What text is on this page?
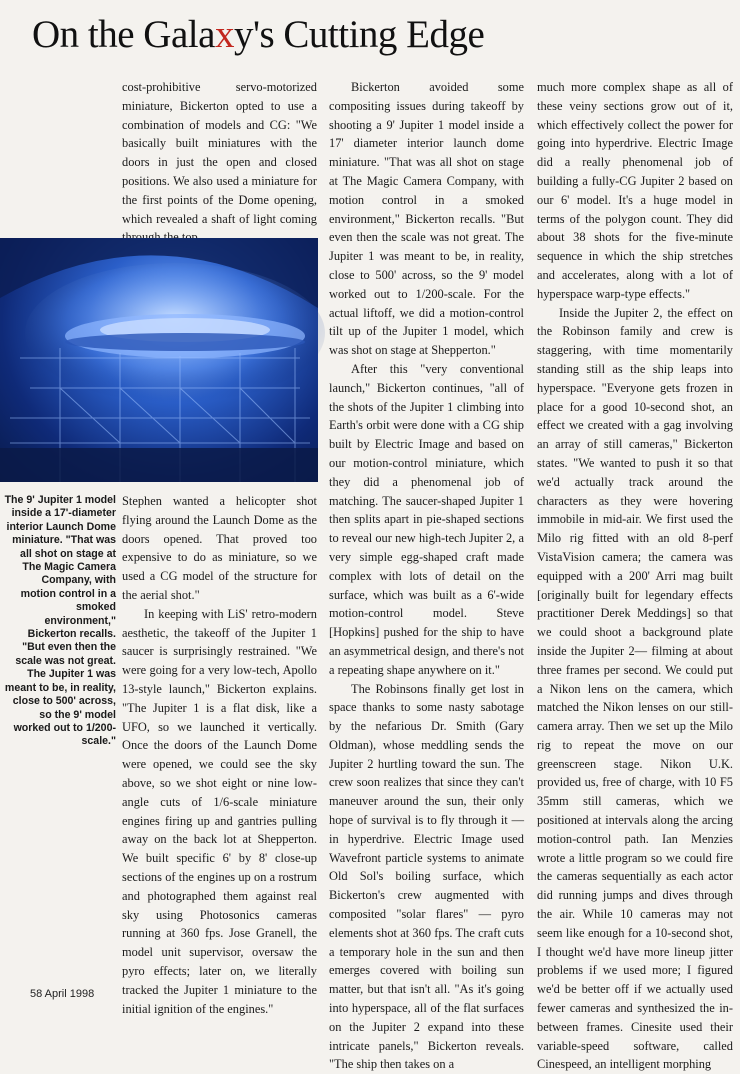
On the Galaxy's Cutting Edge

cost-prohibitive servo-motorized miniature, Bickerton opted to use a combination of models and CG: "We basically built miniatures with the doors in just the open and closed positions. We also used a miniature for the first points of the Dome opening, which revealed a shaft of light coming

The 9' Jupiter 1 model inside a 17'-diameter interior Launch Dome miniature. "That was all shot on stage at The Magic Camera Company, with motion control in a smoked environment," Bickerton recalls. "But even then the scale was not great. The Jupiter 1 was meant to be, in reality, close to 500' across, so the 9' model worked out to 1/200-scale."

Stephen wanted a helicopter shot flying around the Launch Dome as the doors opened. That proved too expensive to do as miniature, so we used a CG model of the structure for the aerial shot."

In keeping with LiS' retro-modern aesthetic, the takeoff of the Jupiter 1 saucer is surprisingly restrained. "We were going for a very low-tech, Apollo 13-style launch," Bickerton explains. "The Jupiter 1 is a flat disk, like a UFO, so we launched it vertically. Once the doors of the Launch Dome were opened, we could see the sky above, so we shot eight or nine low-angle cuts of 1/6-scale miniature engines firing up and gantries pulling away on the back lot at Shepperton. We built specific 6' by 8' close-up sections of the engines up on a rostrum and photographed them against real sky using Photosonics cameras running at 360 fps. Jose Granell, the model unit supervisor, oversaw the pyro effects; later on, we literally tracked the Jupiter 1 miniature to the initial ignition of the engines."

Bickerton avoided some compositing issues during takeoff by shooting a 9' Jupiter 1 model inside a 17' diameter interior launch dome miniature. "That was all shot on stage at The Magic Camera Company, with motion control in a smoked environment," Bickerton recalls. "But even then the scale was not great. The Jupiter 1 was meant to be, in reality, close to 500' across, so the 9' model worked out to 1/200-scale. For the actual liftoff, we did a motion-control tilt up of the Jupiter 1 model, which was shot on stage at Shepperton."

After this "very conventional launch," Bickerton continues, "all of the shots of the Jupiter 1 climbing into Earth's orbit were done with a CG ship built by Electric Image and based on our motion-control miniature, which they did a phenomenal job of matching. The saucer-shaped Jupiter 1 then splits apart in pie-shaped sections to reveal our new high-tech Jupiter 2, a very simple egg-shaped craft made complex with lots of detail on the surface, which was built as a 6'-wide motion-control model. Steve [Hopkins] pushed for the ship to have an asymmetrical design, and there's not a repeating shape anywhere on it."

The Robinsons finally get lost in space thanks to some nasty sabotage by the nefarious Dr. Smith (Gary Oldman), whose meddling sends the Jupiter 2 hurtling toward the sun. The crew soon realizes that since they can't maneuver around the sun, their only hope of survival is to fly through it — in hyperdrive. Electric Image used Wavefront particle systems to animate Old Sol's boiling surface, which Bickerton's crew augmented with composited "solar flares" — pyro elements shot at 360 fps. The craft cuts a temporary hole in the sun and then emerges covered with boiling sun matter, but that isn't all. "As it's going into hyperspace, all of the flat surfaces on the Jupiter 2 expand into these intricate panels," Bickerton reveals. "The ship then takes on a

much more complex shape as all of these veiny sections grow out of it, which effectively collect the power for going into hyperdrive. Electric Image did a really phenomenal job of building a fully-CG Jupiter 2 based on our 6' model. It's a huge model in terms of the polygon count. They did about 38 shots for the five-minute sequence in which the ship stretches and accelerates, along with a lot of hyperspace warp-type effects."

Inside the Jupiter 2, the effect on the Robinson family and crew is staggering, with time momentarily standing still as the ship leaps into hyperspace. "Everyone gets frozen in place for a good 10-second shot, an effect we created with a gag involving an array of still cameras," Bickerton states. "We wanted to push it so that we'd actually track around the characters as they were hovering immobile in mid-air. We first used the Milo rig fitted with an old 8-perf VistaVision camera; the camera was equipped with a 200' Arri mag built [originally built for legendary effects practitioner Derek Meddings] so that we could shoot a background plate inside the Jupiter 2— filming at about three frames per second. We could put a Nikon lens on the camera, which matched the Nikon lenses on our still-camera array. Then we set up the Milo rig to repeat the move on our greenscreen stage. Nikon U.K. provided us, free of charge, with 10 F5 35mm still cameras, which we positioned at intervals along the arcing motion-control path. Ian Menzies wrote a little program so we could fire the cameras sequentially as each actor did running jumps and dives through the air. While 10 cameras may not seem like enough for a 10-second shot, I thought we'd have more lineup jitter problems if we used more; I figured we'd be better off if we actually used fewer cameras and synthesized the in-between frames. Cinesite used their variable-speed software, called Cinespeed, an intelligent morphing

58 April 1998
